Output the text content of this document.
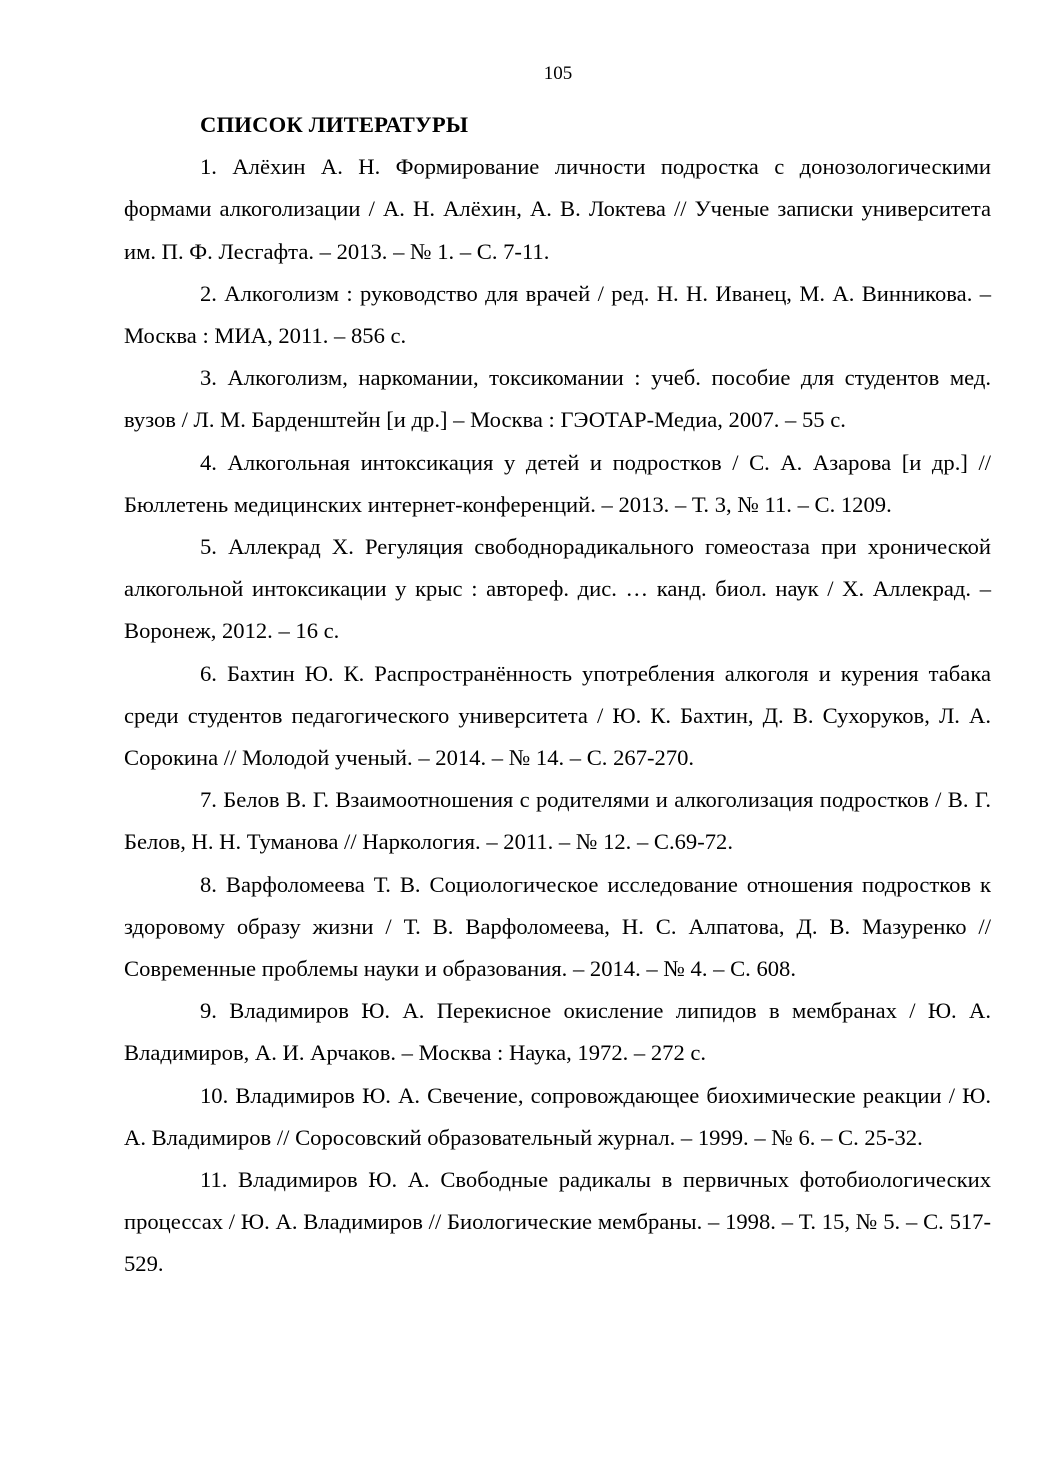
105
СПИСОК ЛИТЕРАТУРЫ
1. Алёхин А. Н. Формирование личности подростка с донозологическими формами алкоголизации / А. Н. Алёхин, А. В. Локтева // Ученые записки университета им. П. Ф. Лесгафта. – 2013. – № 1. – С. 7-11.
2. Алкоголизм : руководство для врачей / ред. Н. Н. Иванец, М. А. Винникова. – Москва : МИА, 2011. – 856 с.
3. Алкоголизм, наркомании, токсикомании : учеб. пособие для студентов мед. вузов / Л. М. Барденштейн [и др.] – Москва : ГЭОТАР-Медиа, 2007. – 55 с.
4. Алкогольная интоксикация у детей и подростков / С. А. Азарова [и др.] // Бюллетень медицинских интернет-конференций. – 2013. – Т. 3, № 11. – С. 1209.
5. Аллекрад Х. Регуляция свободнорадикального гомеостаза при хронической алкогольной интоксикации у крыс : автореф. дис. … канд. биол. наук / Х. Аллекрад. – Воронеж, 2012. – 16 с.
6. Бахтин Ю. К. Распространённость употребления алкоголя и курения табака среди студентов педагогического университета / Ю. К. Бахтин, Д. В. Сухоруков, Л. А. Сорокина // Молодой ученый. – 2014. – № 14. – С. 267-270.
7. Белов В. Г. Взаимоотношения с родителями и алкоголизация подростков / В. Г. Белов, Н. Н. Туманова // Наркология. – 2011. – № 12. – С.69-72.
8. Варфоломеева Т. В. Социологическое исследование отношения подростков к здоровому образу жизни / Т. В. Варфоломеева, Н. С. Алпатова, Д. В. Мазуренко // Современные проблемы науки и образования. – 2014. – № 4. – С. 608.
9. Владимиров Ю. А. Перекисное окисление липидов в мембранах / Ю. А. Владимиров, А. И. Арчаков. – Москва : Наука, 1972. – 272 с.
10. Владимиров Ю. А. Свечение, сопровождающее биохимические реакции / Ю. А. Владимиров // Соросовский образовательный журнал. – 1999. – № 6. – С. 25-32.
11. Владимиров Ю. А. Свободные радикалы в первичных фотобиологических процессах / Ю. А. Владимиров // Биологические мембраны. – 1998. – Т. 15, № 5. – С. 517-529.
